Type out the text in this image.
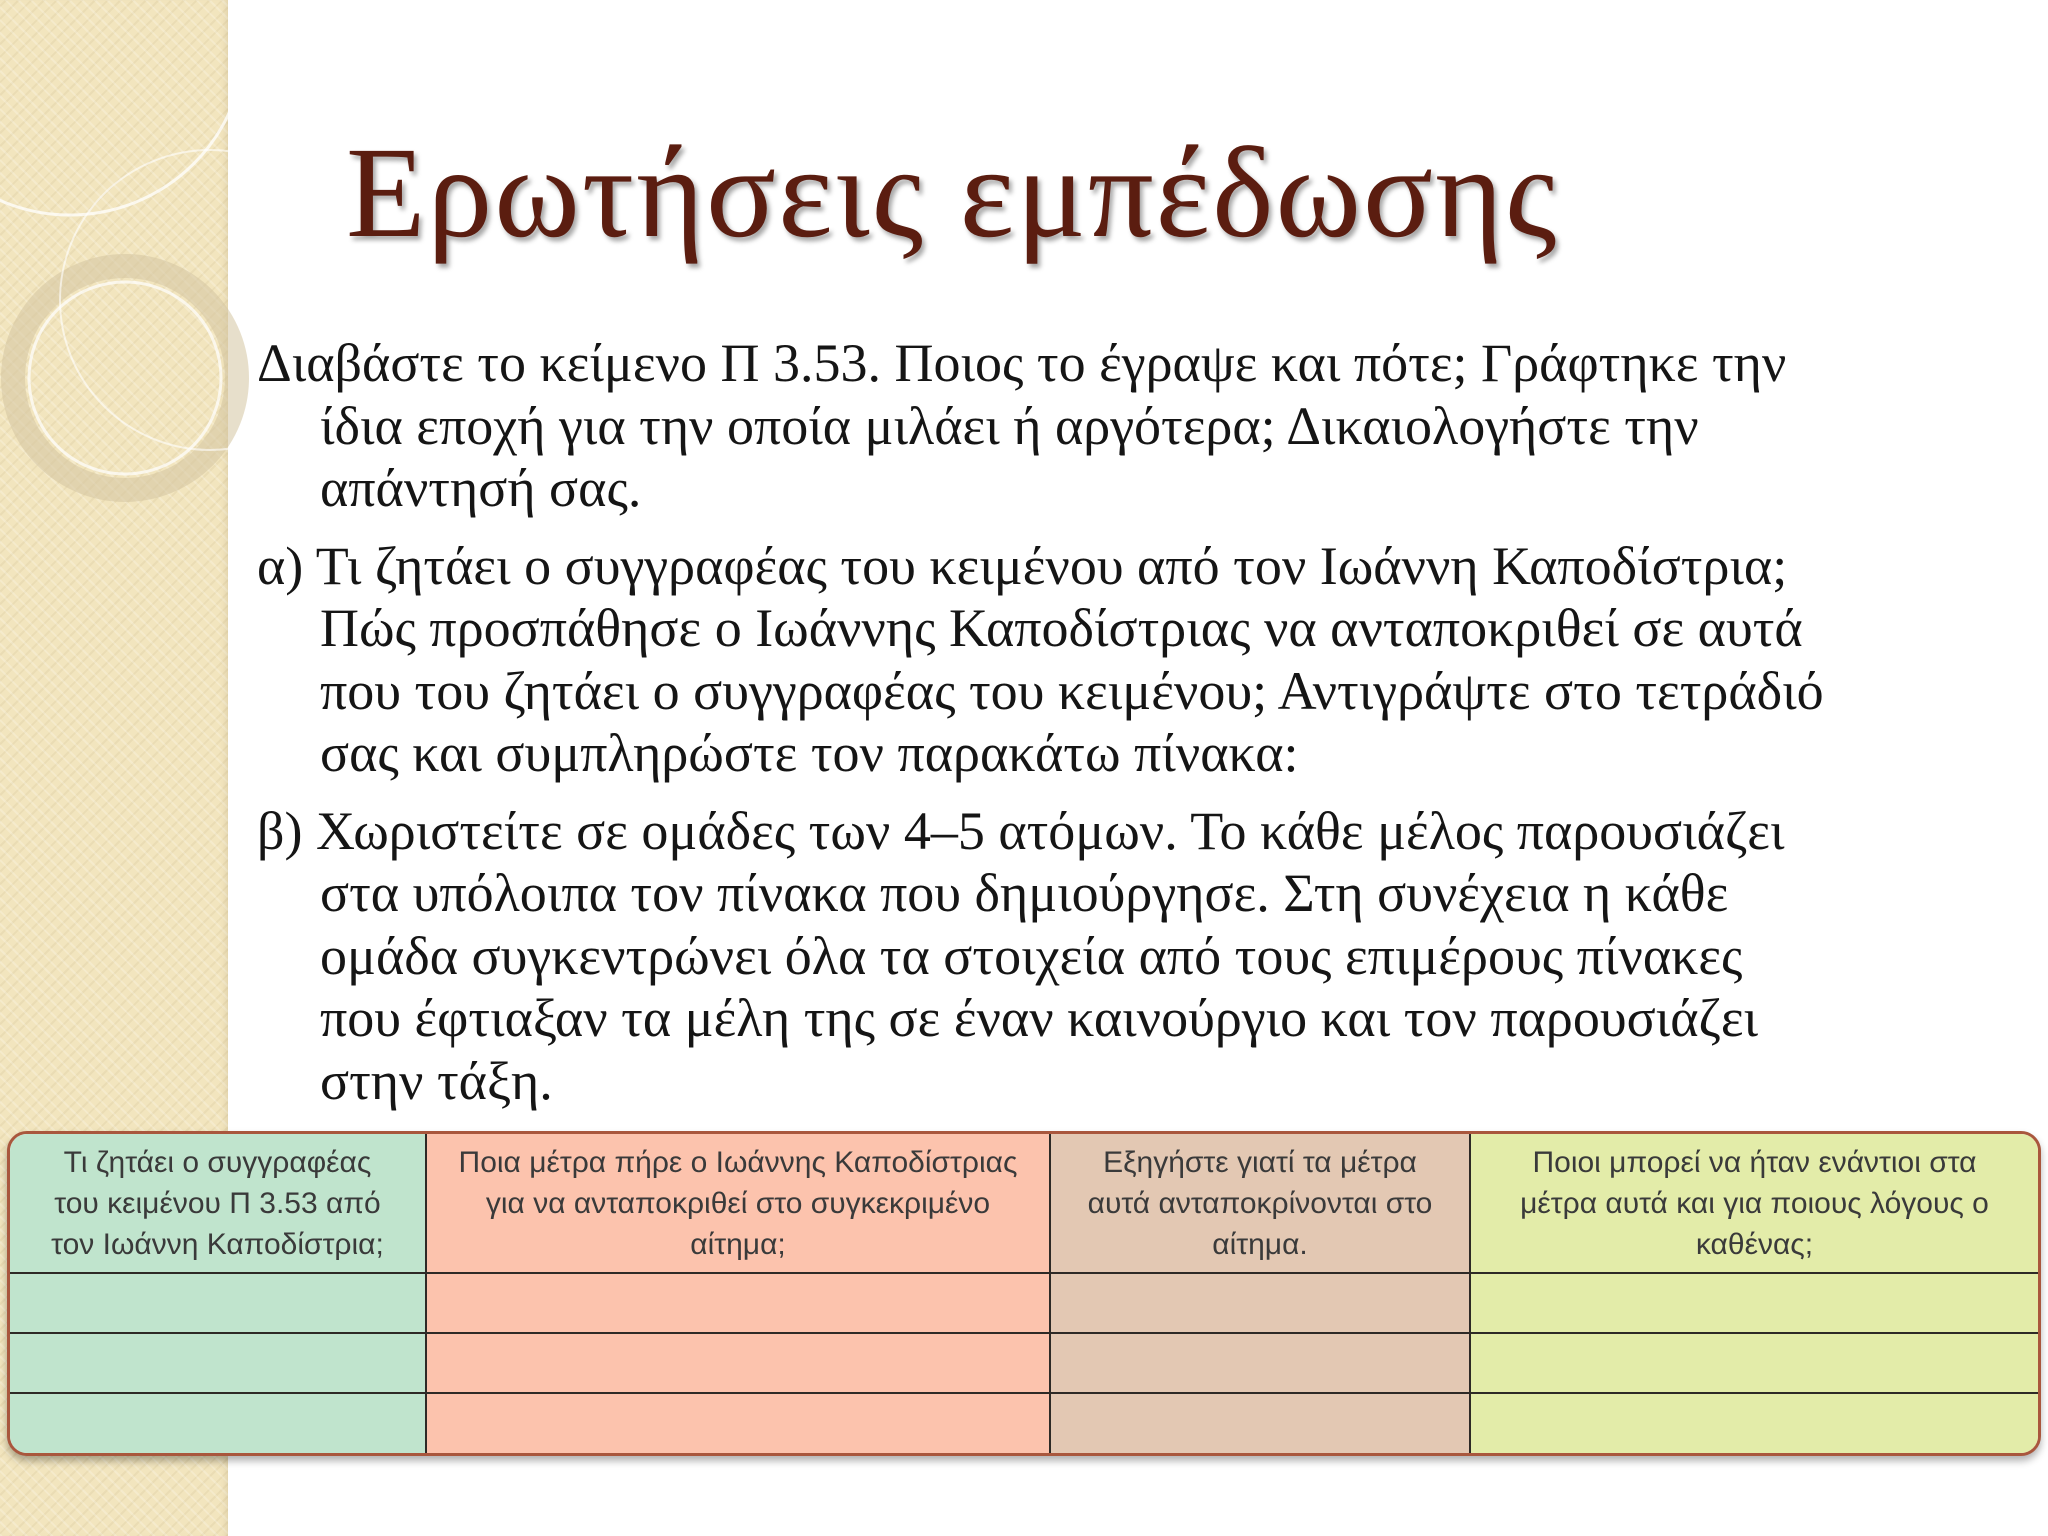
Ερωτήσεις εμπέδωσης
Διαβάστε το κείμενο Π 3.53. Ποιος το έγραψε και πότε; Γράφτηκε την
ίδια εποχή για την οποία μιλάει ή αργότερα; Δικαιολογήστε την
απάντησή σας.
α) Τι ζητάει ο συγγραφέας του κειμένου από τον Ιωάννη Καποδίστρια;
Πώς προσπάθησε ο Ιωάννης Καποδίστριας να ανταποκριθεί σε αυτά
που του ζητάει ο συγγραφέας του κειμένου; Αντιγράψτε στο τετράδιό
σας και συμπληρώστε τον παρακάτω πίνακα:
β) Χωριστείτε σε ομάδες των 4–5 ατόμων. Το κάθε μέλος παρουσιάζει
στα υπόλοιπα τον πίνακα που δημιούργησε. Στη συνέχεια η κάθε
ομάδα συγκεντρώνει όλα τα στοιχεία από τους επιμέρους πίνακες
που έφτιαξαν τα μέλη της σε έναν καινούργιο και τον παρουσιάζει
στην τάξη.
Τι ζητάει ο συγγραφέας
του κειμένου Π 3.53 από
τον Ιωάννη Καποδίστρια;
Ποια μέτρα πήρε ο Ιωάννης Καποδίστριας
για να ανταποκριθεί στο συγκεκριμένο
αίτημα;
Εξηγήστε γιατί τα μέτρα
αυτά ανταποκρίνονται στο
αίτημα.
Ποιοι μπορεί να ήταν ενάντιοι στα
μέτρα αυτά και για ποιους λόγους ο
καθένας;
